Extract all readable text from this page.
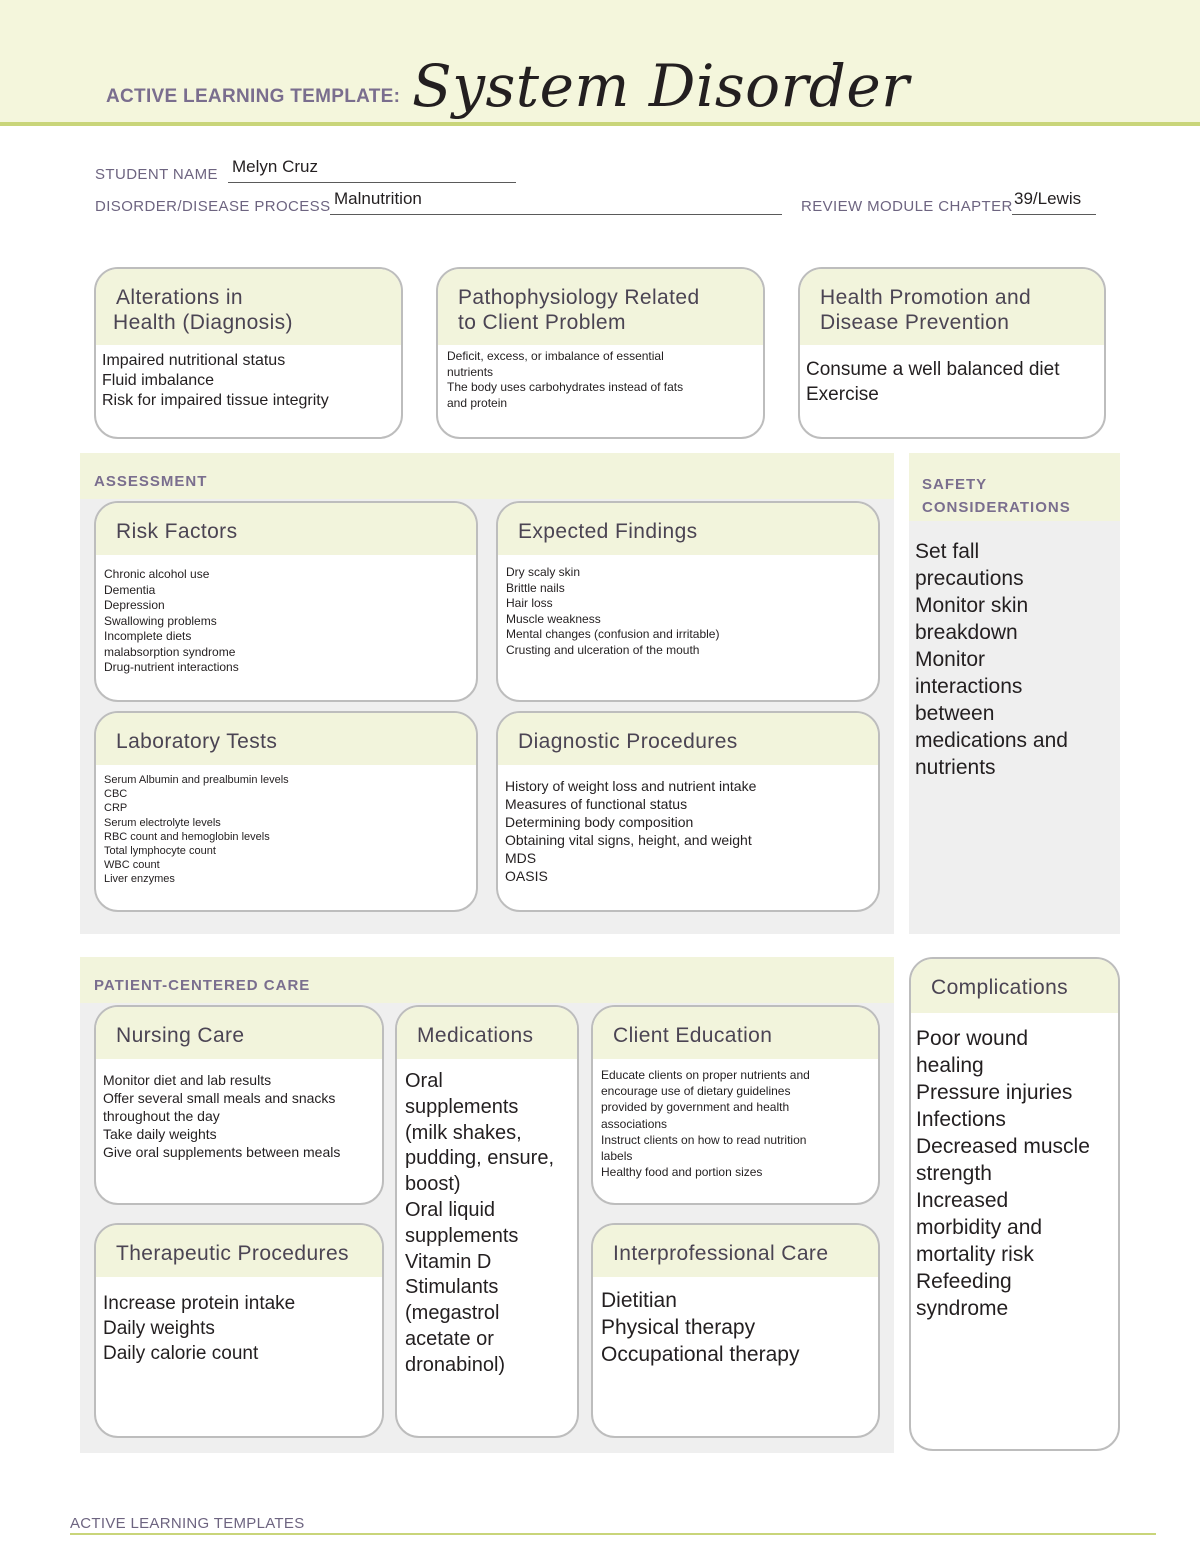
ACTIVE LEARNING TEMPLATE: System Disorder
STUDENT NAME Melyn Cruz
DISORDER/DISEASE PROCESS Malnutrition	REVIEW MODULE CHAPTER 39/Lewis
Alterations in
Health (Diagnosis)
Impaired nutritional status
Fluid imbalance
Risk for impaired tissue integrity
Pathophysiology Related
to Client Problem
Deficit, excess, or imbalance of essential
nutrients
The body uses carbohydrates instead of fats
and protein
Health Promotion and
Disease Prevention
Consume a well balanced diet
Exercise
ASSESSMENT
Risk Factors
Chronic alcohol use
Dementia
Depression
Swallowing problems
Incomplete diets
malabsorption syndrome
Drug-nutrient interactions
Expected Findings
Dry scaly skin
Brittle nails
Hair loss
Muscle weakness
Mental changes (confusion and irritable)
Crusting and ulceration of the mouth
Laboratory Tests
Serum Albumin and prealbumin levels
CBC
CRP
Serum electrolyte levels
RBC count and hemoglobin levels
Total lymphocyte count
WBC count
Liver enzymes
Diagnostic Procedures
History of weight loss and nutrient intake
Measures of functional status
Determining body composition
Obtaining vital signs, height, and weight
MDS
OASIS
SAFETY
CONSIDERATIONS
Set fall
precautions
Monitor skin
breakdown
Monitor
interactions
between
medications and
nutrients
PATIENT-CENTERED CARE
Nursing Care
Monitor diet and lab results
Offer several small meals and snacks
throughout the day
Take daily weights
Give oral supplements between meals
Medications
Oral
supplements
(milk shakes,
pudding, ensure,
boost)
Oral liquid
supplements
Vitamin D
Stimulants
(megastrol
acetate or
dronabinol)
Client Education
Educate clients on proper nutrients and
encourage use of dietary guidelines
provided by government and health
associations
Instruct clients on how to read nutrition
labels
Healthy food and portion sizes
Therapeutic Procedures
Increase protein intake
Daily weights
Daily calorie count
Interprofessional Care
Dietitian
Physical therapy
Occupational therapy
Complications
Poor wound
healing
Pressure injuries
Infections
Decreased muscle
strength
Increased
morbidity and
mortality risk
Refeeding
syndrome
ACTIVE LEARNING TEMPLATES
